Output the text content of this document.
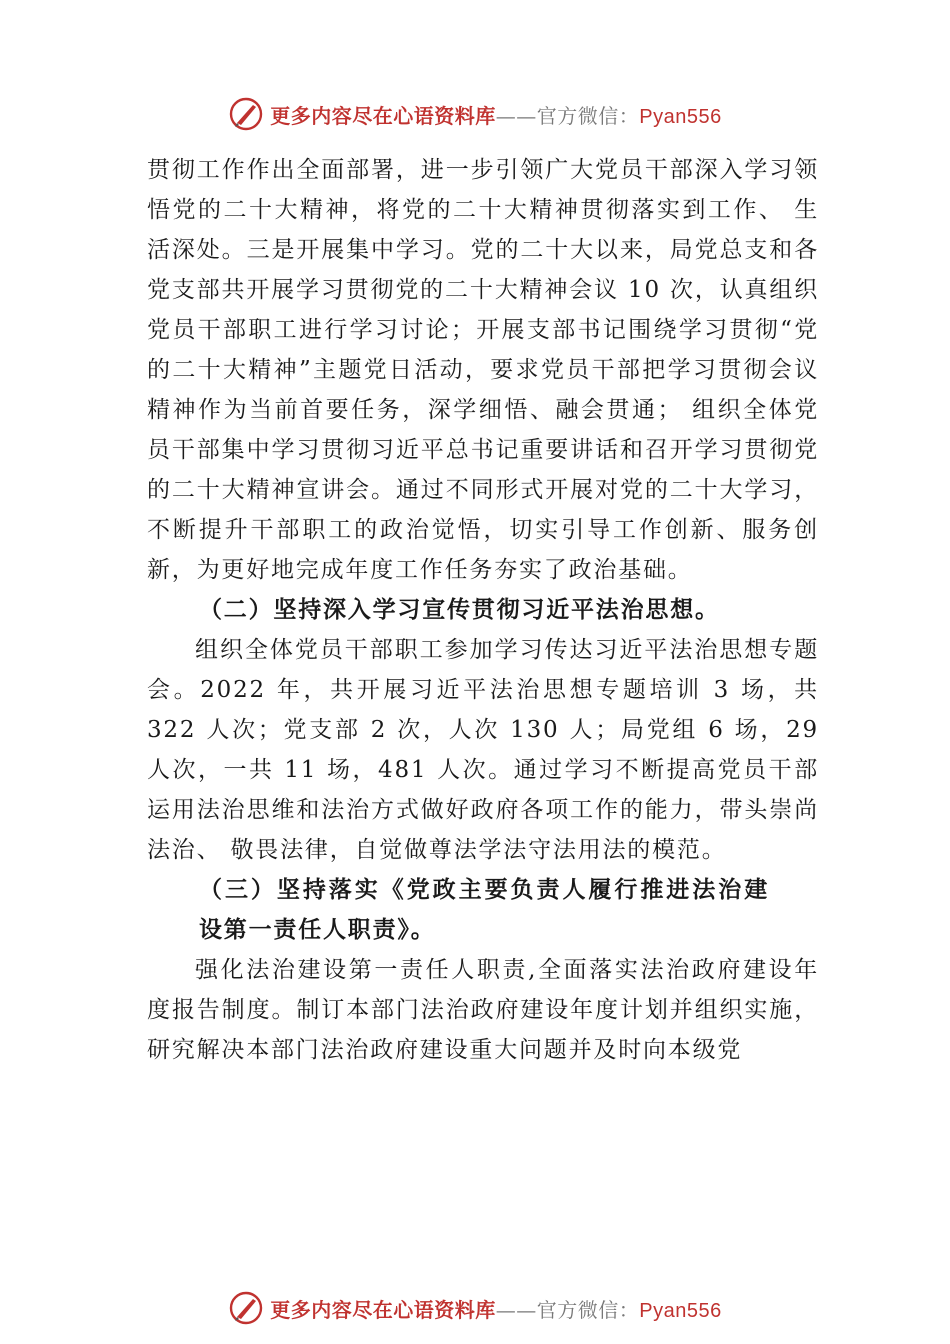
更多内容尽在心语资料库——官方微信：Pyan556

贯彻工作作出全面部署，进一步引领广大党员干部深入学习领悟党的二十大精神，将党的二十大精神贯彻落实到工作、 生活深处。三是开展集中学习。党的二十大以来，局党总支和各党支部共开展学习贯彻党的二十大精神会议 10 次，认真组织党员干部职工进行学习讨论；开展支部书记围绕学习贯彻“党的二十大精神”主题党日活动，要求党员干部把学习贯彻会议精神作为当前首要任务，深学细悟、融会贯通； 组织全体党员干部集中学习贯彻习近平总书记重要讲话和召开学习贯彻党的二十大精神宣讲会。通过不同形式开展对党的二十大学习，不断提升干部职工的政治觉悟，切实引导工作创新、服务创新，为更好地完成年度工作任务夯实了政治基础。

（二）坚持深入学习宣传贯彻习近平法治思想。

组织全体党员干部职工参加学习传达习近平法治思想专题会。2022 年，共开展习近平法治思想专题培训 3 场，共 322 人次；党支部 2 次，人次 130 人；局党组 6 场，29 人次，一共 11 场，481 人次。通过学习不断提高党员干部运用法治思维和法治方式做好政府各项工作的能力，带头崇尚法治、 敬畏法律，自觉做尊法学法守法用法的模范。

（三）坚持落实《党政主要负责人履行推进法治建设第一责任人职责》。

强化法治建设第一责任人职责,全面落实法治政府建设年度报告制度。制订本部门法治政府建设年度计划并组织实施，研究解决本部门法治政府建设重大问题并及时向本级党

更多内容尽在心语资料库——官方微信：Pyan556
